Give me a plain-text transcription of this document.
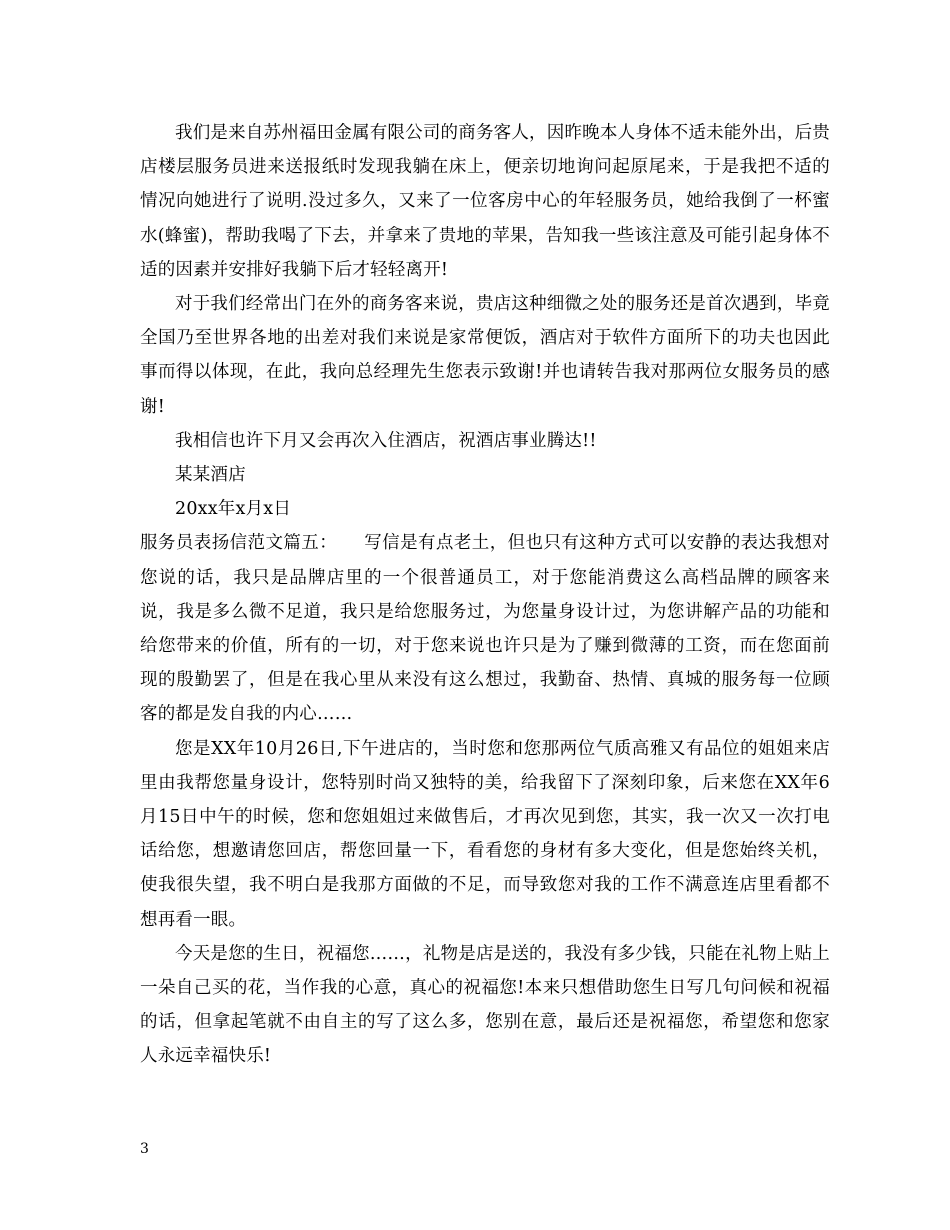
我们是来自苏州福田金属有限公司的商务客人，因昨晚本人身体不适未能外出，后贵店楼层服务员进来送报纸时发现我躺在床上，便亲切地询问起原尾来，于是我把不适的情况向她进行了说明.没过多久，又来了一位客房中心的年轻服务员，她给我倒了一杯蜜水(蜂蜜)，帮助我喝了下去，并拿来了贵地的苹果，告知我一些该注意及可能引起身体不适的因素并安排好我躺下后才轻轻离开!

对于我们经常出门在外的商务客来说，贵店这种细微之处的服务还是首次遇到，毕竟全国乃至世界各地的出差对我们来说是家常便饭，酒店对于软件方面所下的功夫也因此事而得以体现，在此，我向总经理先生您表示致谢!并也请转告我对那两位女服务员的感谢!

我相信也许下月又会再次入住酒店，祝酒店事业腾达!!

某某酒店

20xx年x月x日

服务员表扬信范文篇五：　　写信是有点老土，但也只有这种方式可以安静的表达我想对您说的话，我只是品牌店里的一个很普通员工，对于您能消费这么高档品牌的顾客来说，我是多么微不足道，我只是给您服务过，为您量身设计过，为您讲解产品的功能和给您带来的价值，所有的一切，对于您来说也许只是为了赚到微薄的工资，而在您面前现的殷勤罢了，但是在我心里从来没有这么想过，我勤奋、热情、真城的服务每一位顾客的都是发自我的内心……

您是XX年10月26日,下午进店的，当时您和您那两位气质高雅又有品位的姐姐来店里由我帮您量身设计，您特别时尚又独特的美，给我留下了深刻印象，后来您在XX年6月15日中午的时候，您和您姐姐过来做售后，才再次见到您，其实，我一次又一次打电话给您，想邀请您回店，帮您回量一下，看看您的身材有多大变化，但是您始终关机，使我很失望，我不明白是我那方面做的不足，而导致您对我的工作不满意连店里看都不想再看一眼。

今天是您的生日，祝福您……，礼物是店是送的，我没有多少钱，只能在礼物上贴上一朵自己买的花，当作我的心意，真心的祝福您!本来只想借助您生日写几句问候和祝福的话，但拿起笔就不由自主的写了这么多，您别在意，最后还是祝福您，希望您和您家人永远幸福快乐!

3
